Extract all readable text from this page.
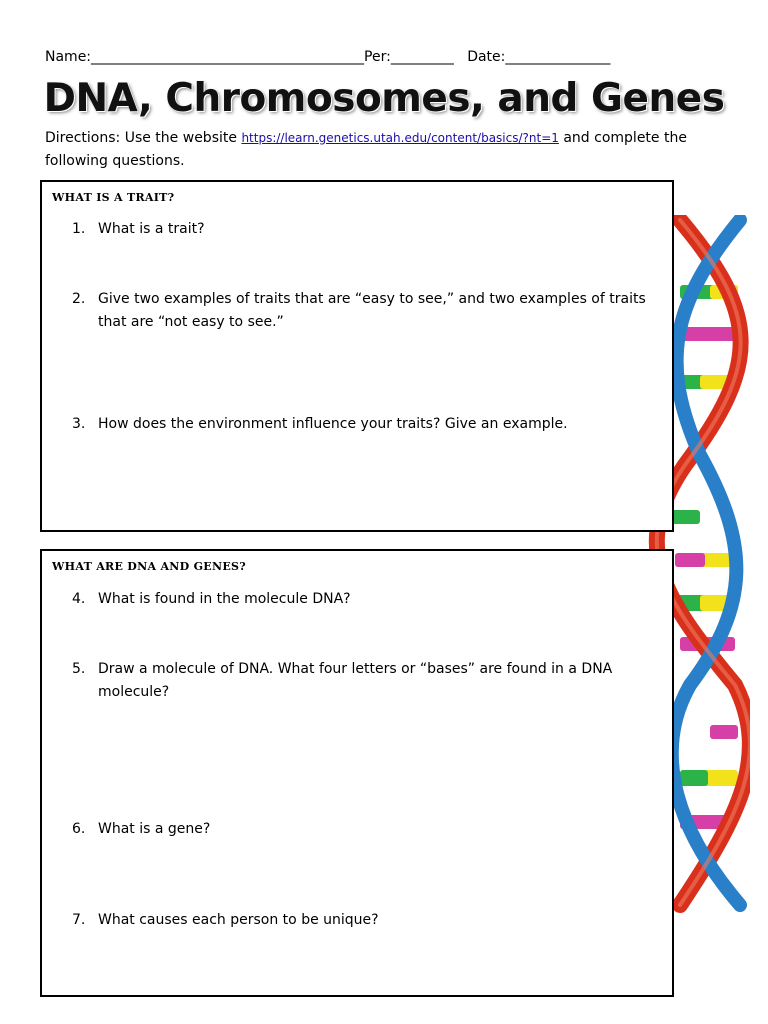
Name:_______________________________________Per:_________ Date:_______________
DNA, Chromosomes, and Genes
Directions: Use the website https://learn.genetics.utah.edu/content/basics/?nt=1 and complete the following questions.
WHAT IS A TRAIT?
1. What is a trait?
2. Give two examples of traits that are “easy to see,” and two examples of traits that are “not easy to see.”
3. How does the environment influence your traits? Give an example.
WHAT ARE DNA AND GENES?
4. What is found in the molecule DNA?
5. Draw a molecule of DNA. What four letters or “bases” are found in a DNA molecule?
6. What is a gene?
7. What causes each person to be unique?
